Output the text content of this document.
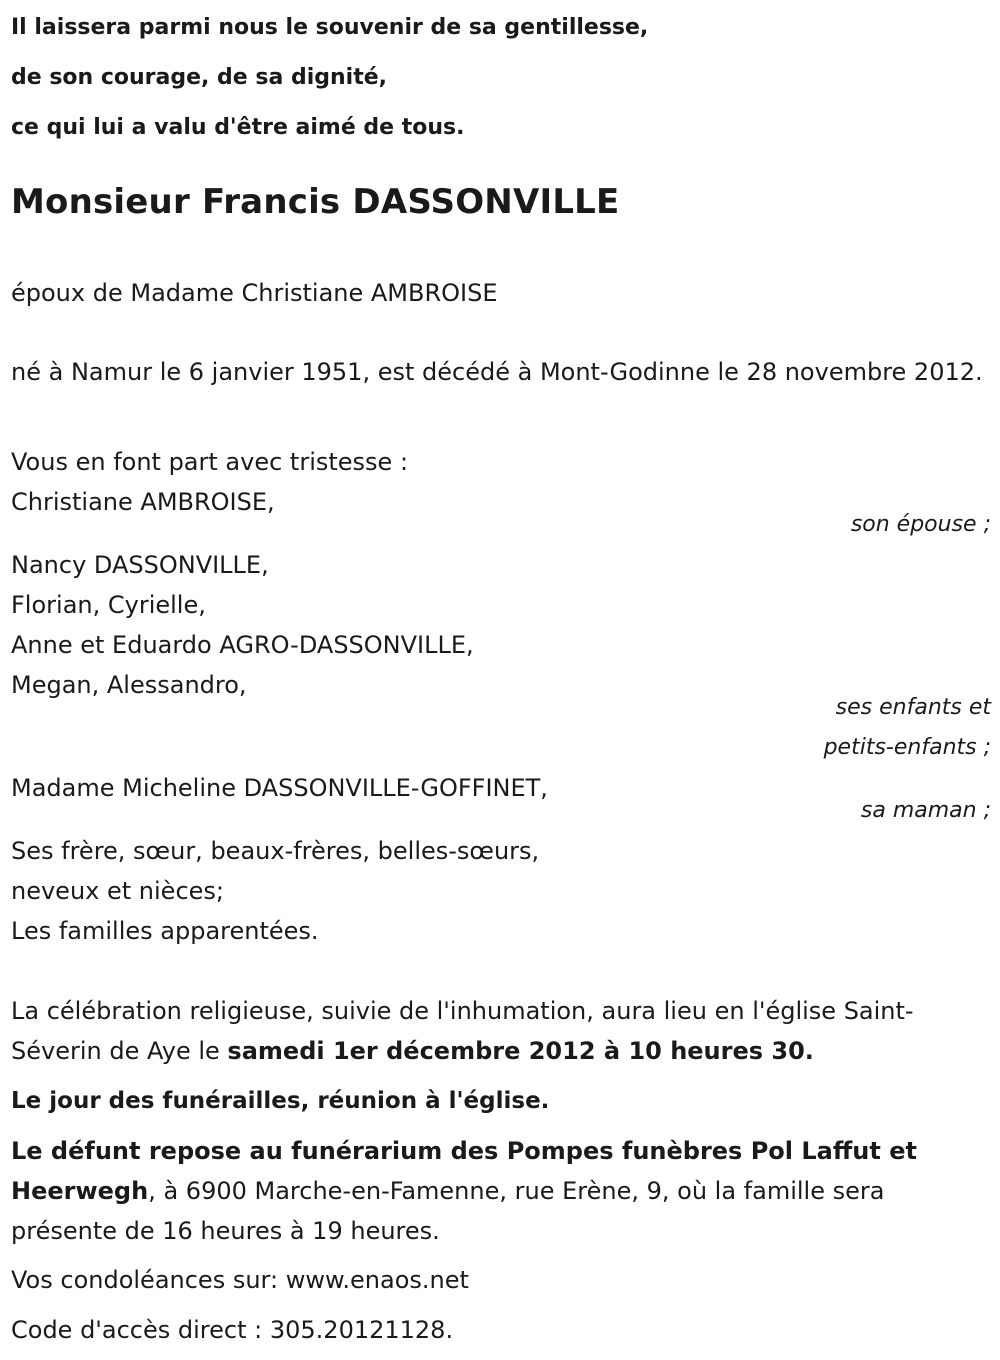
Il laissera parmi nous le souvenir de sa gentillesse,
de son courage, de sa dignité,
ce qui lui a valu d'être aimé de tous.
Monsieur Francis DASSONVILLE
époux de Madame Christiane AMBROISE
né à Namur le 6 janvier 1951, est décédé à Mont-Godinne le 28 novembre 2012.
Vous en font part avec tristesse :
Christiane AMBROISE,
son épouse ;
Nancy DASSONVILLE,
Florian, Cyrielle,
Anne et Eduardo AGRO-DASSONVILLE,
Megan, Alessandro,
ses enfants et
petits-enfants ;
Madame Micheline DASSONVILLE-GOFFINET,
sa maman ;
Ses frère, sœur, beaux-frères, belles-sœurs,
neveux et nièces;
Les familles apparentées.
La célébration religieuse, suivie de l'inhumation, aura lieu en l'église Saint-Séverin de Aye le samedi 1er décembre 2012 à 10 heures 30.
Le jour des funérailles, réunion à l'église.
Le défunt repose au funérarium des Pompes funèbres Pol Laffut et Heerwegh, à 6900 Marche-en-Famenne, rue Erène, 9, où la famille sera présente de 16 heures à 19 heures.
Vos condoléances sur: www.enaos.net
Code d'accès direct : 305.20121128.
